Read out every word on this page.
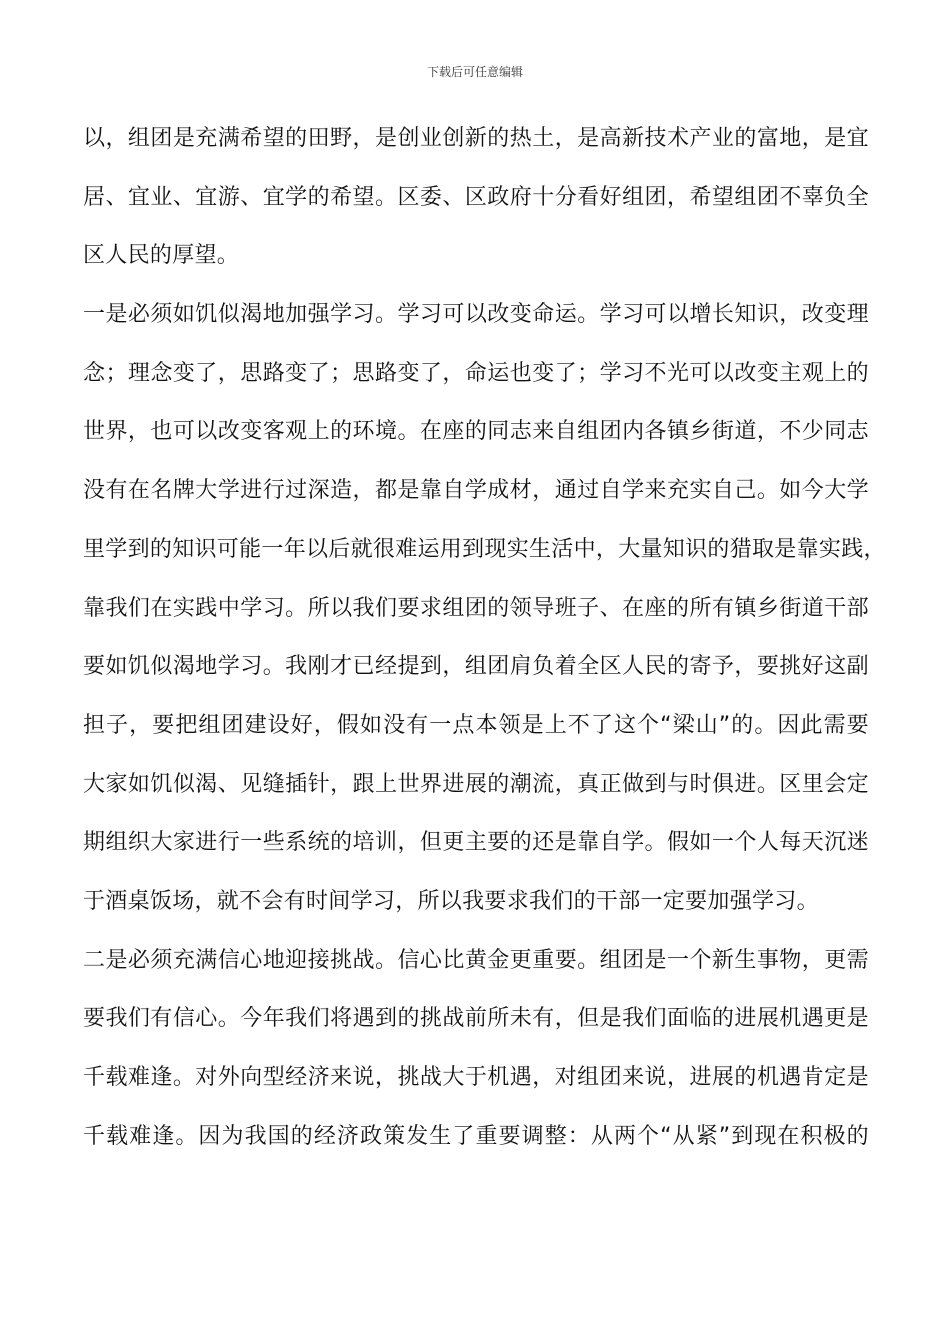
下载后可任意编辑
以，组团是充满希望的田野，是创业创新的热土，是高新技术产业的富地，是宜
居、宜业、宜游、宜学的希望。区委、区政府十分看好组团，希望组团不辜负全
区人民的厚望。
一是必须如饥似渴地加强学习。学习可以改变命运。学习可以增长知识，改变理
念；理念变了，思路变了；思路变了，命运也变了；学习不光可以改变主观上的
世界，也可以改变客观上的环境。在座的同志来自组团内各镇乡街道，不少同志
没有在名牌大学进行过深造，都是靠自学成材，通过自学来充实自己。如今大学
里学到的知识可能一年以后就很难运用到现实生活中，大量知识的猎取是靠实践，
靠我们在实践中学习。所以我们要求组团的领导班子、在座的所有镇乡街道干部
要如饥似渴地学习。我刚才已经提到，组团肩负着全区人民的寄予，要挑好这副
担子，要把组团建设好，假如没有一点本领是上不了这个“梁山”的。因此需要
大家如饥似渴、见缝插针，跟上世界进展的潮流，真正做到与时俱进。区里会定
期组织大家进行一些系统的培训，但更主要的还是靠自学。假如一个人每天沉迷
于酒桌饭场，就不会有时间学习，所以我要求我们的干部一定要加强学习。
二是必须充满信心地迎接挑战。信心比黄金更重要。组团是一个新生事物，更需
要我们有信心。今年我们将遇到的挑战前所未有，但是我们面临的进展机遇更是
千载难逢。对外向型经济来说，挑战大于机遇，对组团来说，进展的机遇肯定是
千载难逢。因为我国的经济政策发生了重要调整：从两个“从紧”到现在积极的
